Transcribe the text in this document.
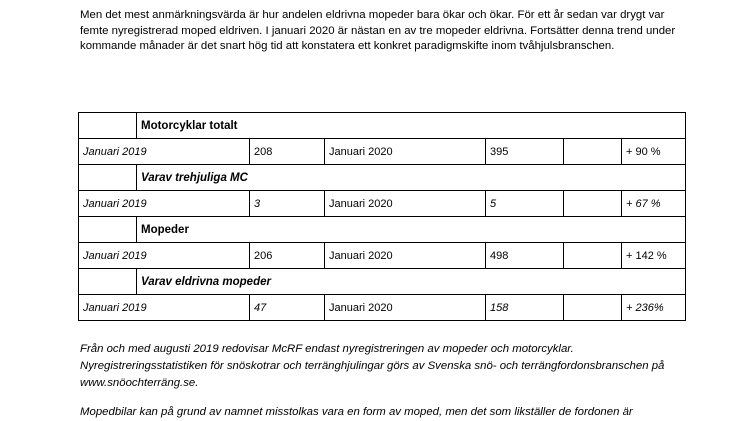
Men det mest anmärkningsvärda är hur andelen eldrivna mopeder bara ökar och ökar. För ett år sedan var drygt var femte nyregistrerad moped eldriven. I januari 2020 är nästan en av tre mopeder eldrivna. Fortsätter denna trend under kommande månader är det snart hög tid att konstatera ett konkret paradigmskifte inom tvåhjulsbranschen.
	Motorcyklar totalt					
Januari 2019		208	Januari 2020	395		+ 90 %
	Varav trehjuliga MC					
Januari 2019		3	Januari 2020	5		+ 67 %
	Mopeder					
Januari 2019		206	Januari 2020	498		+ 142 %
	Varav eldrivna mopeder					
Januari 2019		47	Januari 2020	158		+ 236%
Från och med augusti 2019 redovisar McRF endast nyregistreringen av mopeder och motorcyklar. Nyregistreringsstatistiken för snöskotrar och terränghjulingar görs av Svenska snö- och terrängfordonsbranschen på www.snöochterräng.se.
Mopedbilar kan på grund av namnet misstolkas vara en form av moped, men det som likställer de fordonen är
